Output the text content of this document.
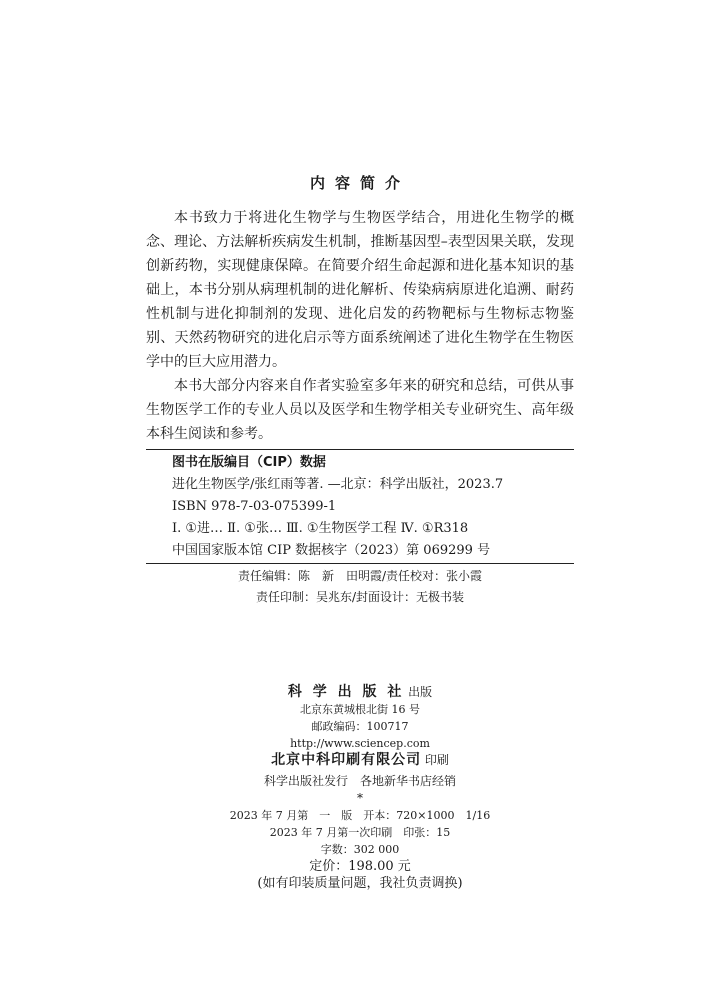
内容简介

本书致力于将进化生物学与生物医学结合，用进化生物学的概念、理论、方法解析疾病发生机制，推断基因型–表型因果关联，发现创新药物，实现健康保障。在简要介绍生命起源和进化基本知识的基础上，本书分别从病理机制的进化解析、传染病病原进化追溯、耐药性机制与进化抑制剂的发现、进化启发的药物靶标与生物标志物鉴别、天然药物研究的进化启示等方面系统阐述了进化生物学在生物医学中的巨大应用潜力。

本书大部分内容来自作者实验室多年来的研究和总结，可供从事生物医学工作的专业人员以及医学和生物学相关专业研究生、高年级本科生阅读和参考。

图书在版编目（CIP）数据
进化生物医学/张红雨等著. —北京：科学出版社，2023.7
ISBN 978-7-03-075399-1
Ⅰ. ①进… Ⅱ. ①张… Ⅲ. ①生物医学工程 Ⅳ. ①R318
中国国家版本馆 CIP 数据核字（2023）第 069299 号
责任编辑：陈　新　田明霞/责任校对：张小霞
责任印制：吴兆东/封面设计：无极书装
科 学 出 版 社 出版
北京东黄城根北街 16 号
邮政编码：100717
http://www.sciencep.com
北京中科印刷有限公司 印刷
科学出版社发行　各地新华书店经销
*
2023 年 7 月第　一　版　开本：720×1000　1/16
2023 年 7 月第一次印刷　印张：15
字数：302 000
定价：198.00 元
(如有印装质量问题，我社负责调换)
